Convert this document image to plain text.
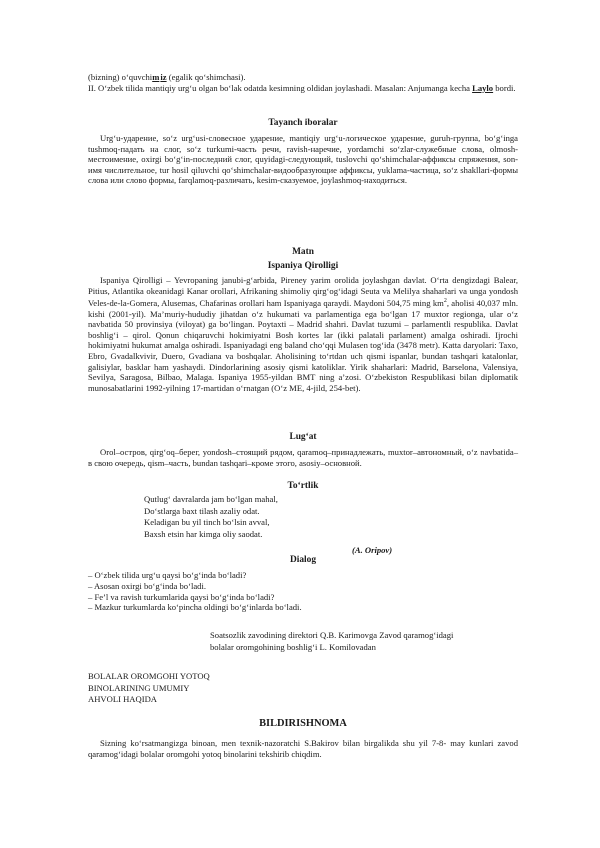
(bizning) o‘quvchimiz (egalik qo‘shimchasi).

II. O‘zbek tilida mantiqiy urg‘u olgan bo‘lak odatda kesimning oldidan joylashadi. Masalan: Anjumanga kecha Laylo bordi.

Tayanch iboralar

Urg‘u-ударение, so‘z urg‘usi-словесное ударение, mantiqiy urg‘u-логическое ударение, guruh-группа, bo‘g‘inga tushmoq-падать на слог, so‘z turkumi-часть речи, ravish-наречие, yordamchi so‘zlar-служебные слова, olmosh-местоимение, oxirgi bo‘g‘in-последний слог, quyidagi-следующий, tuslovchi qo‘shimchalar-аффиксы спряжения, son-имя числительное, tur hosil qiluvchi qo‘shimchalar-видообразующие аффиксы, yuklama-частица, so‘z shakllari-формы слова или слово формы, farqlamoq-различать, kesim-сказуемое, joylashmoq-находиться.

Matn

Ispaniya Qirolligi

Ispaniya Qirolligi – Yevropaning janubi-g‘arbida, Pireney yarim orolida joylashgan davlat. O‘rta dengizdagi Balear, Pitius, Atlantika okeanidagi Kanar orollari, Afrikaning shimoliy qirg‘og‘idagi Seuta va Melilya shaharlari va unga yondosh Veles-de-la-Gomera, Alusemas, Chafarinas orollari ham Ispaniyaga qaraydi. Maydoni 504,75 ming $km^2$, aholisi 40,037 mln. kishi (2001-yil). Ma’muriy-hududiy jihatdan o‘z hukumati va parlamentiga ega bo‘lgan 17 muxtor regionga, ular o‘z navbatida 50 provinsiya (viloyat) ga bo‘lingan. Poytaxti – Madrid shahri. Davlat tuzumi – parlamentli respublika. Davlat boshlig‘i – qirol. Qonun chiqaruvchi hokimiyatni Bosh kortes lar (ikki palatali parlament) amalga oshiradi. Ijrochi hokimiyatni hukumat amalga oshiradi. Ispaniyadagi eng baland cho‘qqi Mulasen tog‘ida (3478 metr). Katta daryolari: Taxo, Ebro, Gvadalkvivir, Duero, Gvadiana va boshqalar. Aholisining to‘rtdan uch qismi ispanlar, bundan tashqari katalonlar, galisiylar, basklar ham yashaydi. Dindorlarining asosiy qismi katoliklar. Yirik shaharlari: Madrid, Barselona, Valensiya, Sevilya, Saragosa, Bilbao, Malaga. Ispaniya 1955-yildan BMT ning a’zosi. O‘zbekiston Respublikasi bilan diplomatik munosabatlarini 1992-yilning 17-martidan o‘rnatgan (O‘z ME, 4-jild, 254-bet).

Lug‘at

Orol–остров, qirg‘oq–берег, yondosh–стоящий рядом, qaramoq–принадлежать, muxtor–автономный, o‘z navbatida–в свою очередь, qism–часть, bundan tashqari–кроме этого, asosiy–основной.

To‘rtlik

Qutlug‘ davralarda jam bo‘lgan mahal,

Do‘stlarga baxt tilash azaliy odat.

Keladigan bu yil tinch bo‘lsin avval,

Baxsh etsin har kimga oliy saodat.

(A. Oripov)

Dialog

– O‘zbek tilida urg‘u qaysi bo‘g‘inda bo‘ladi?

– Asosan oxirgi bo‘g‘inda bo‘ladi.

– Fe’l va ravish turkumlarida qaysi bo‘g‘inda bo‘ladi?

– Mazkur turkumlarda ko‘pincha oldingi bo‘g‘inlarda bo‘ladi.

Soatsozlik zavodining direktori Q.B. Karimovga Zavod qaramog‘idagi

bolalar oromgohining boshlig‘i L. Komilovadan

BOLALAR OROMGOHI YOTOQ

BINOLARINING UMUMIY

AHVOLI HAQIDA

BILDIRISHNOMA

Sizning ko‘rsatmangizga binoan, men texnik-nazoratchi S.Bakirov bilan birgalikda shu yil 7-8- may kunlari zavod qaramog‘idagi bolalar oromgohi yotoq binolarini tekshirib chiqdim.
